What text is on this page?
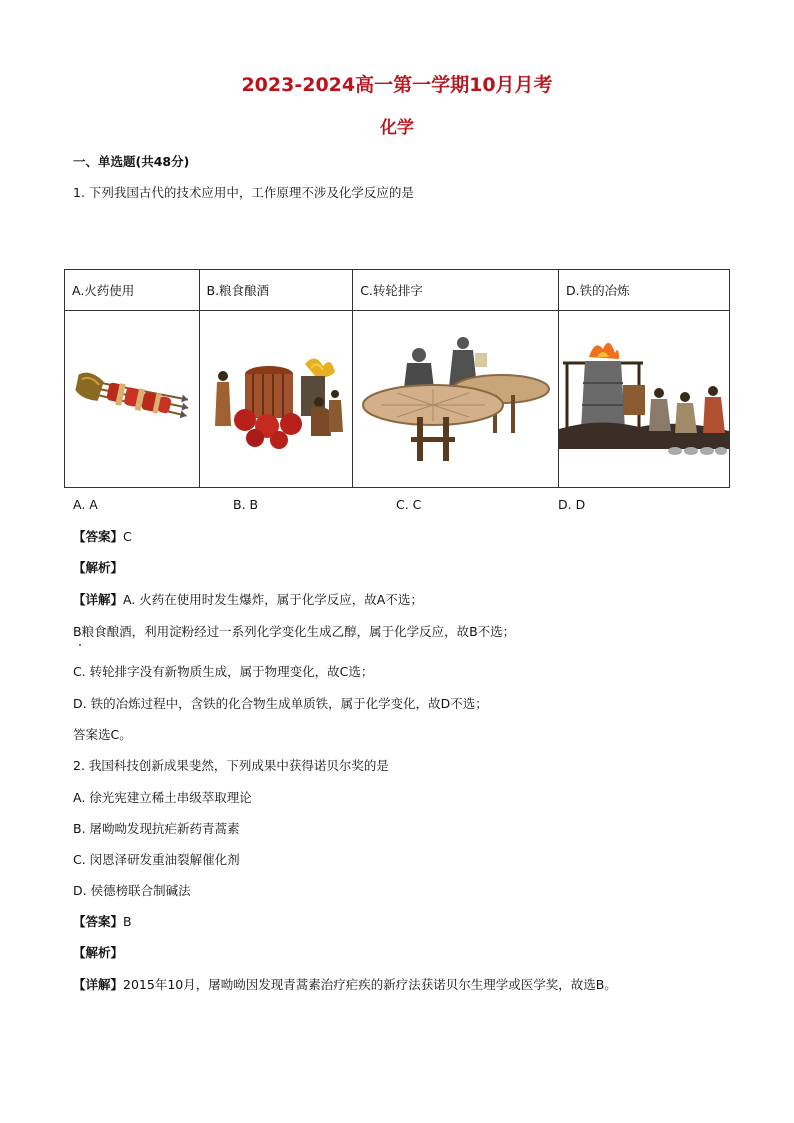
2023-2024高一第一学期10月月考
化学
一、单选题(共48分)
1. 下列我国古代的技术应用中，工作原理不涉及化学反应的是
A.火药使用	B.粮食酿酒	C.转轮排字	D.铁的冶炼

A. A	B. B	C. C	D. D
【答案】C
【解析】
【详解】A. 火药在使用时发生爆炸，属于化学反应，故A不选；
B粮食酿酒，利用淀粉经过一系列化学变化生成乙醇，属于化学反应，故B不选；
C. 转轮排字没有新物质生成，属于物理变化，故C选；
D. 铁的冶炼过程中，含铁的化合物生成单质铁，属于化学变化，故D不选；
答案选C。
2. 我国科技创新成果斐然，下列成果中获得诺贝尔奖的是
A. 徐光宪建立稀土串级萃取理论
B. 屠呦呦发现抗疟新药青蒿素
C. 闵恩泽研发重油裂解催化剂
D. 侯德榜联合制碱法
【答案】B
【解析】
【详解】2015年10月，屠呦呦因发现青蒿素治疗疟疾的新疗法获诺贝尔生理学或医学奖，故选B。
